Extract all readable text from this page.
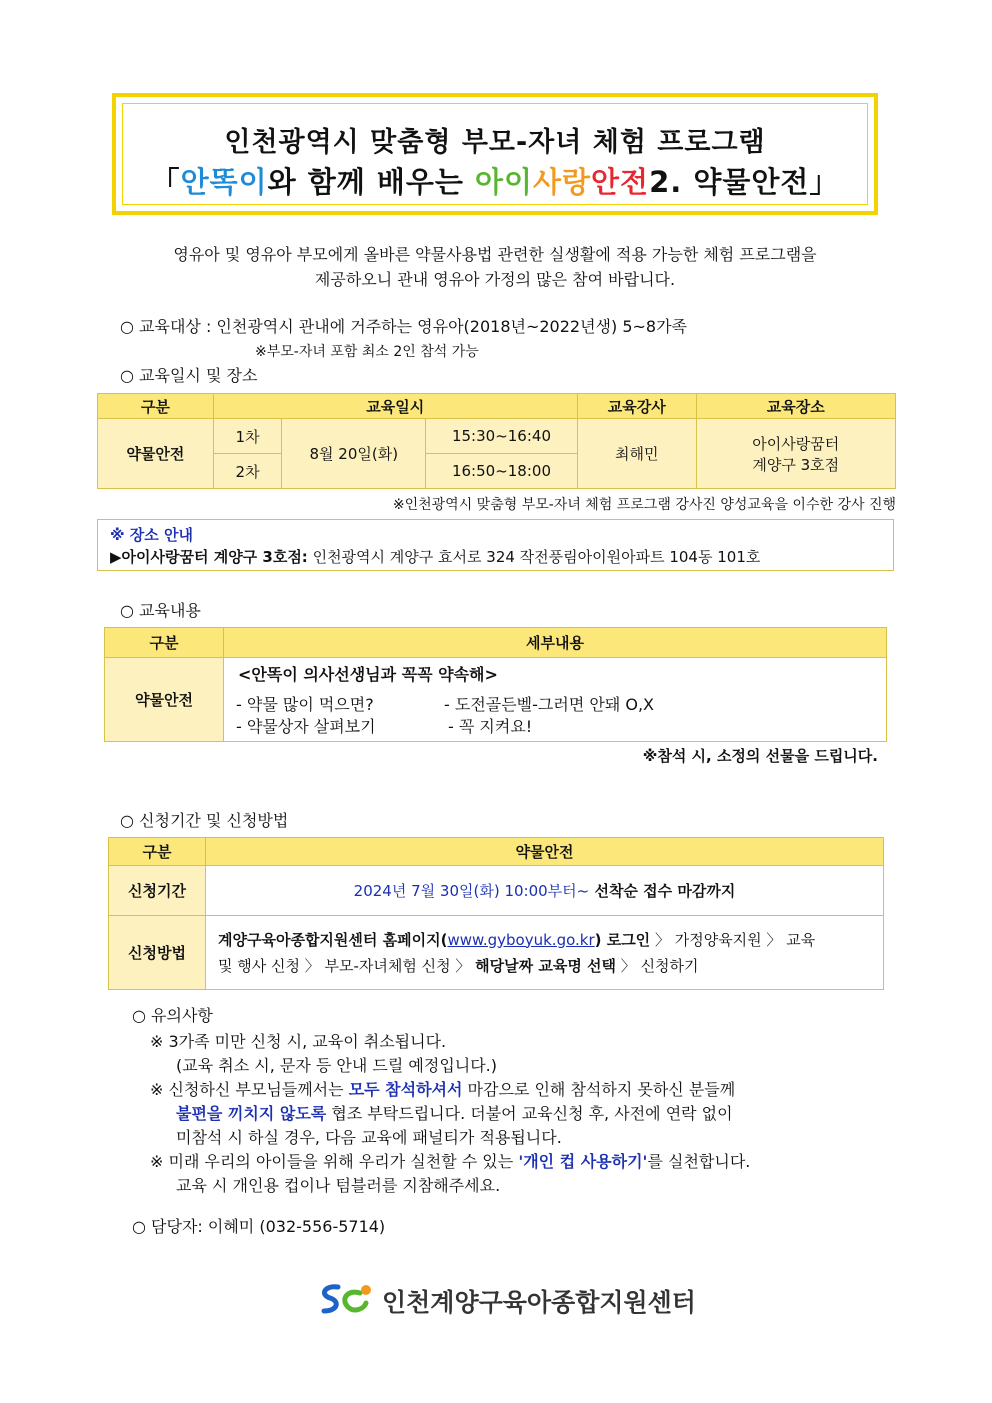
인천광역시 맞춤형 부모-자녀 체험 프로그램
「안똑이와 함께 배우는 아이사랑안전2. 약물안전」
영유아 및 영유아 부모에게 올바른 약물사용법 관련한 실생활에 적용 가능한 체험 프로그램을
제공하오니 관내 영유아 가정의 많은 참여 바랍니다.
○ 교육대상 : 인천광역시 관내에 거주하는 영유아(2018년~2022년생) 5~8가족
※부모-자녀 포함 최소 2인 참석 가능
○ 교육일시 및 장소
구분	교육일시			교육강사	교육장소
약물안전	1차	8월 20일(화)	15:30~16:40	최해민	아이사랑꿈터
계양구 3호점

	2차		16:50~18:00		
※인천광역시 맞춤형 부모-자녀 체험 프로그램 강사진 양성교육을 이수한 강사 진행
※ 장소 안내
▶아이사랑꿈터 계양구 3호점: 인천광역시 계양구 효서로 324 작전풍림아이원아파트 104동 101호
○ 교육내용
구분	세부내용
약물안전	<안똑이 의사선생님과 꼭꼭 약속해>
- 약물 많이 먹으면? - 도전골든벨-그러면 안돼 O,X
- 약물상자 살펴보기 - 꼭 지켜요!
※참석 시, 소정의 선물을 드립니다.
○ 신청기간 및 신청방법
구분	약물안전
신청기간	2024년 7월 30일(화) 10:00부터~ 선착순 접수 마감까지
신청방법	계양구육아종합지원센터 홈페이지(www.gyboyuk.go.kr) 로그인 〉 가정양육지원 〉 교육
및 행사 신청 〉 부모-자녀체험 신청 〉 해당날짜 교육명 선택 〉 신청하기
○ 유의사항
※ 3가족 미만 신청 시, 교육이 취소됩니다.
(교육 취소 시, 문자 등 안내 드릴 예정입니다.)
※ 신청하신 부모님들께서는 모두 참석하셔서 마감으로 인해 참석하지 못하신 분들께
불편을 끼치지 않도록 협조 부탁드립니다. 더불어 교육신청 후, 사전에 연락 없이
미참석 시 하실 경우, 다음 교육에 패널티가 적용됩니다.
※ 미래 우리의 아이들을 위해 우리가 실천할 수 있는 '개인 컵 사용하기'를 실천합니다.
교육 시 개인용 컵이나 텀블러를 지참해주세요.
○ 담당자: 이혜미 (032-556-5714)
인천계양구육아종합지원센터
